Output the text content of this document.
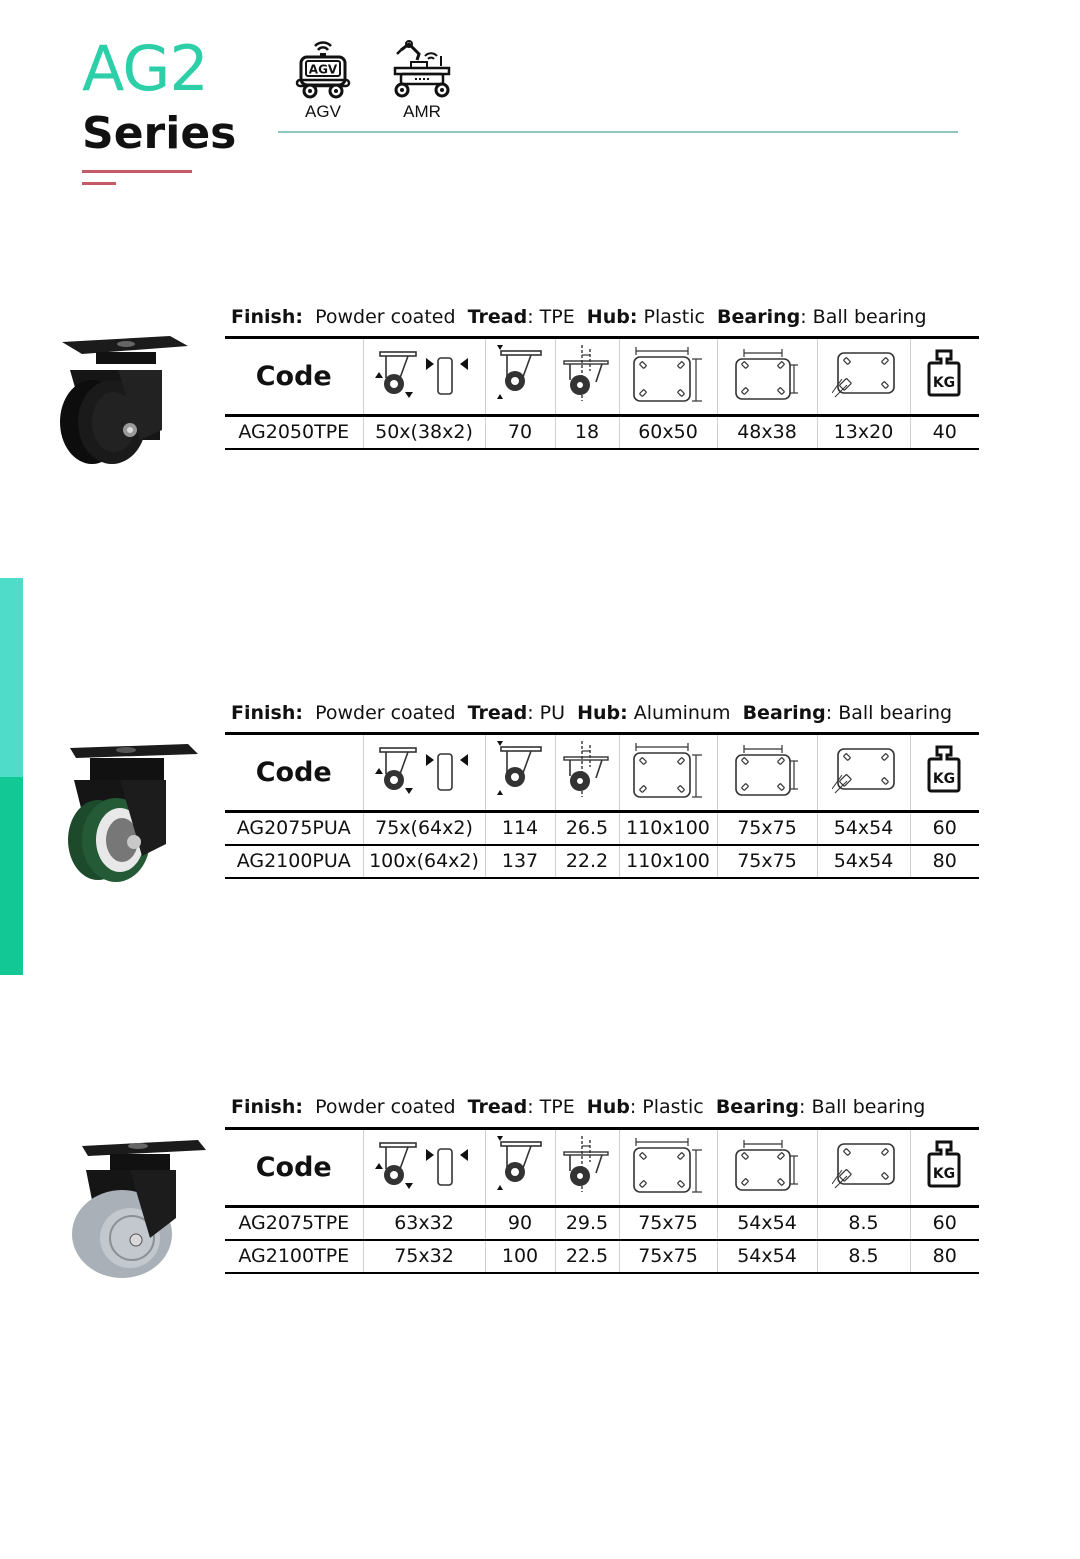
AG2
Series
AGV
AGV	AMR
Finish: Powder coated Tread: TPE Hub: Plastic Bearing: Ball bearing
Code							KG

AG2050TPE	50x(38x2)	70	18	60x50	48x38	13x20	40
Finish: Powder coated Tread: PU Hub: Aluminum Bearing: Ball bearing
Code							KG

AG2075PUA	75x(64x2)	114	26.5	110x100	75x75	54x54	60
AG2100PUA	100x(64x2)	137	22.2	110x100	75x75	54x54	80
Finish: Powder coated Tread: TPE Hub: Plastic Bearing: Ball bearing
Code							KG

AG2075TPE	63x32	90	29.5	75x75	54x54	8.5	60
AG2100TPE	75x32	100	22.5	75x75	54x54	8.5	80
